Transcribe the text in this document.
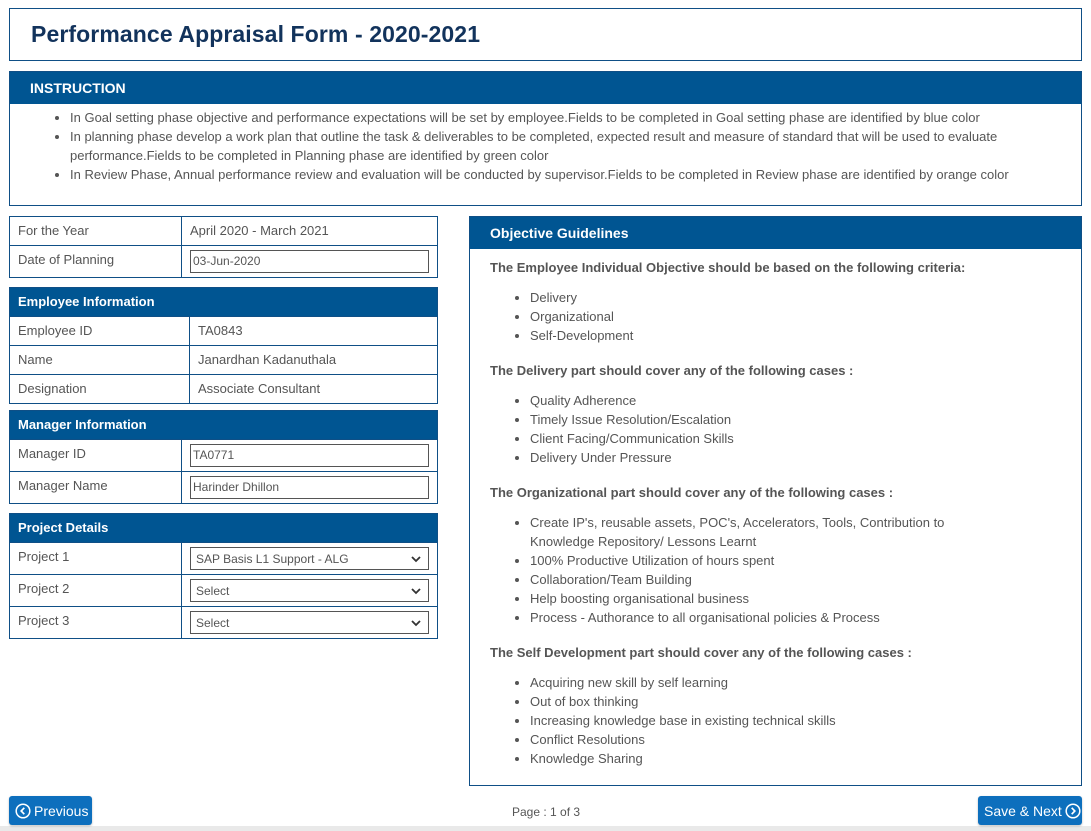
Performance Appraisal Form - 2020-2021
INSTRUCTION
• In Goal setting phase objective and performance expectations will be set by employee.Fields to be completed in Goal setting phase are identified by blue color
• In planning phase develop a work plan that outline the task & deliverables to be completed, expected result and measure of standard that will be used to evaluate performance.Fields to be completed in Planning phase are identified by green color
• In Review Phase, Annual performance review and evaluation will be conducted by supervisor.Fields to be completed in Review phase are identified by orange color
For the Year	April 2020 - March 2021
Date of Planning	03-Jun-2020
Employee Information	
Employee ID	TA0843
Name	Janardhan Kadanuthala
Designation	Associate Consultant
Manager Information	
Manager ID	TA0771

Manager Name	Harinder Dhillon
Project Details	
Project 1	SAP Basis L1 Support - ALG

Project 2	Select

Project 3	Select
Objective Guidelines

The Employee Individual Objective should be based on the following criteria:

• Delivery
• Organizational
• Self-Development

The Delivery part should cover any of the following cases :

• Quality Adherence
• Timely Issue Resolution/Escalation
• Client Facing/Communication Skills
• Delivery Under Pressure

The Organizational part should cover any of the following cases :

• Create IP's, reusable assets, POC's, Accelerators, Tools, Contribution to Knowledge Repository/ Lessons Learnt
• 100% Productive Utilization of hours spent
• Collaboration/Team Building
• Help boosting organisational business
• Process - Authorance to all organisational policies & Process

The Self Development part should cover any of the following cases :

• Acquiring new skill by self learning
• Out of box thinking
• Increasing knowledge base in existing technical skills
• Conflict Resolutions
• Knowledge Sharing
Previous	Page : 1 of 3	Save & Next
